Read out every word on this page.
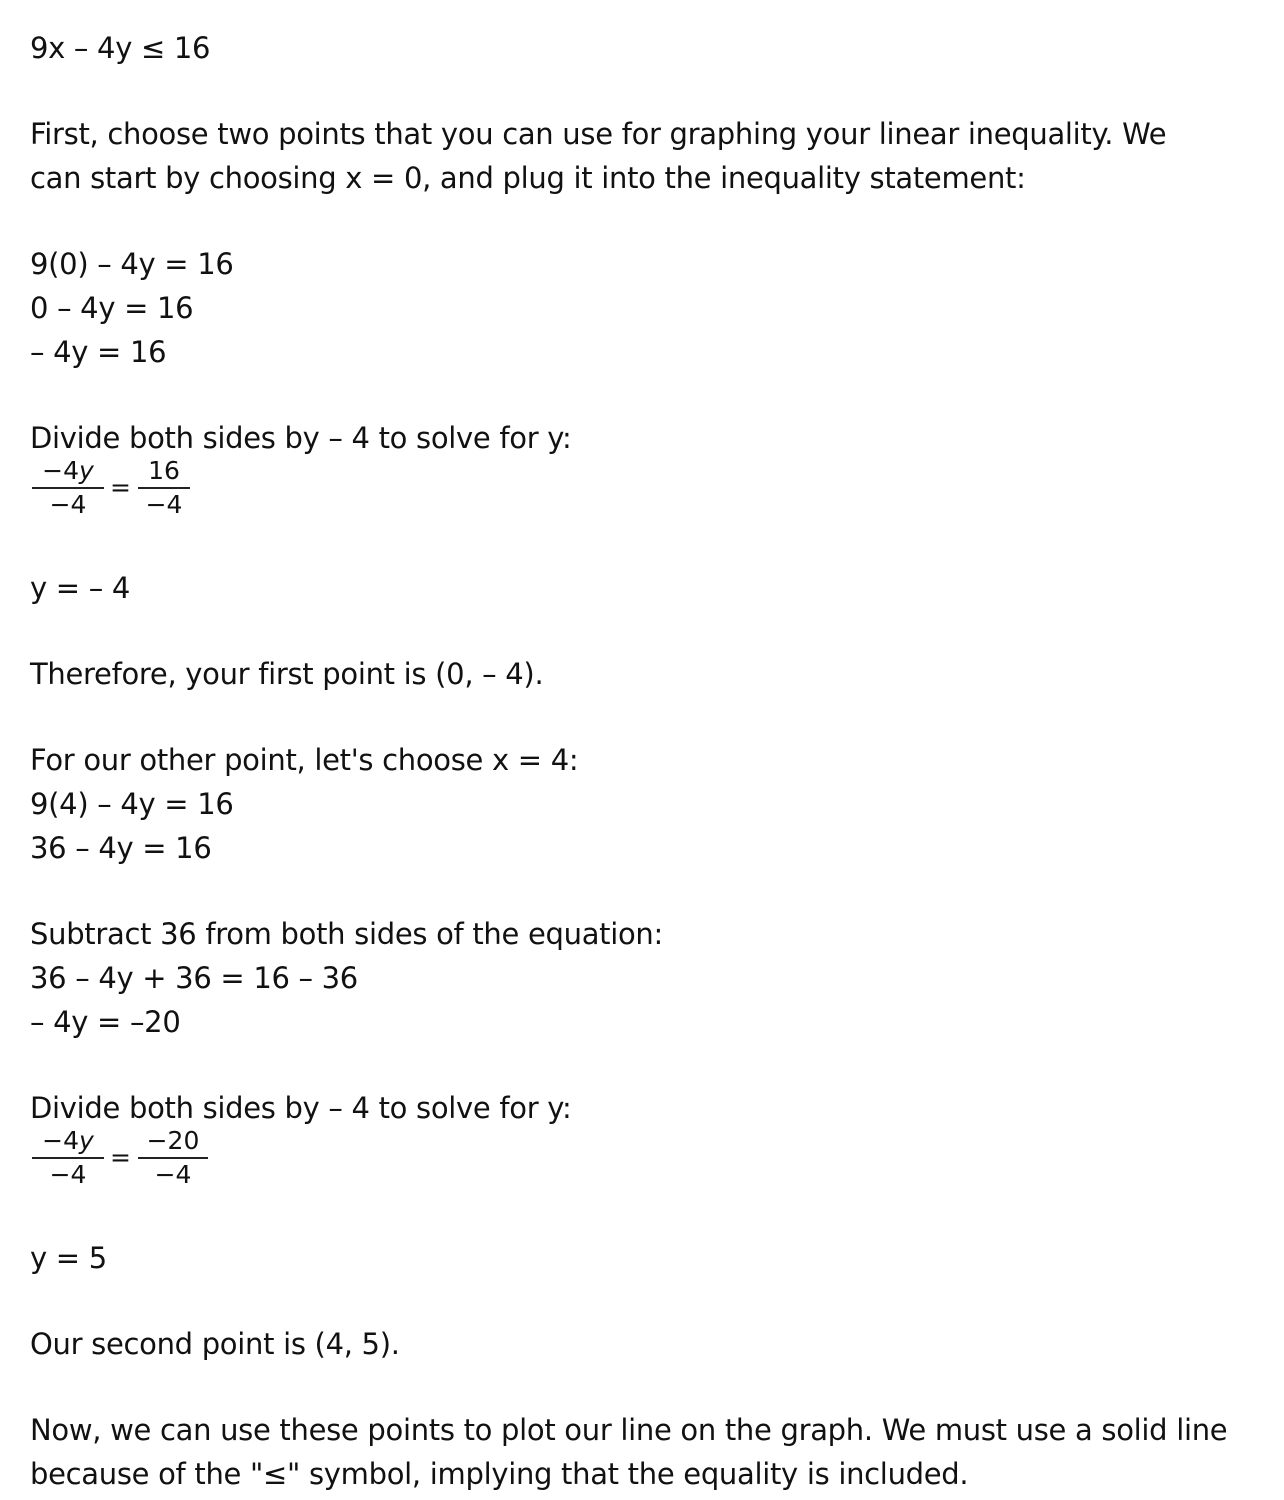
9x – 4y ≤ 16
First, choose two points that you can use for graphing your linear inequality. We
can start by choosing x = 0, and plug it into the inequality statement:
9(0) – 4y = 16
0 – 4y = 16
– 4y = 16
Divide both sides by – 4 to solve for y:
−4y
−4
=
16
−4
y = – 4
Therefore, your first point is (0, – 4).
For our other point, let's choose x = 4:
9(4) – 4y = 16
36 – 4y = 16
Subtract 36 from both sides of the equation:
36 – 4y + 36 = 16 – 36
– 4y = –20
Divide both sides by – 4 to solve for y:
−4y
−4
=
−20
−4
y = 5
Our second point is (4, 5).
Now, we can use these points to plot our line on the graph. We must use a solid line
because of the "≤" symbol, implying that the equality is included.
